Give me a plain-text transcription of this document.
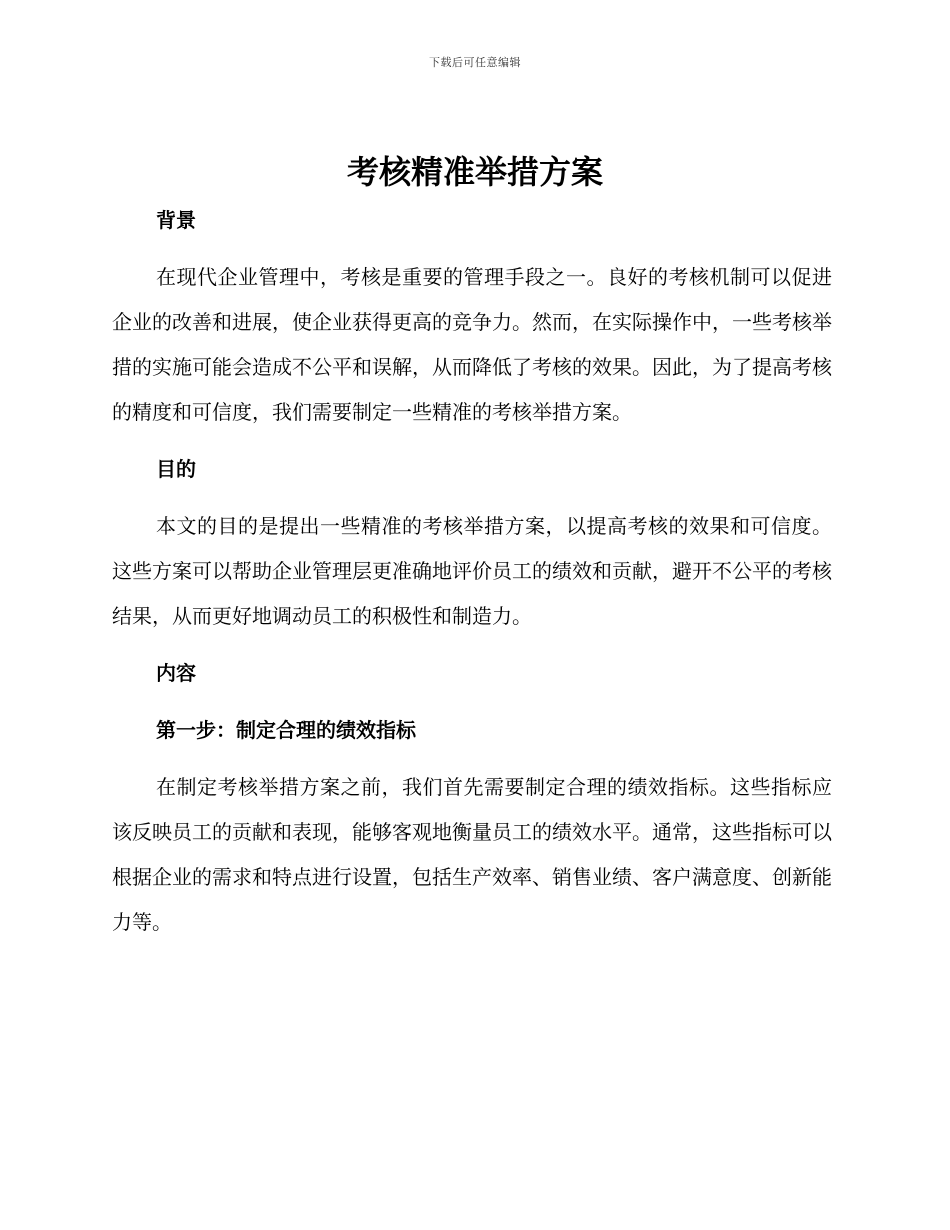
下载后可任意编辑
考核精准举措方案
背景
在现代企业管理中，考核是重要的管理手段之一。良好的考核机制可以促进企业的改善和进展，使企业获得更高的竞争力。然而，在实际操作中，一些考核举措的实施可能会造成不公平和误解，从而降低了考核的效果。因此，为了提高考核的精度和可信度，我们需要制定一些精准的考核举措方案。
目的
本文的目的是提出一些精准的考核举措方案，以提高考核的效果和可信度。这些方案可以帮助企业管理层更准确地评价员工的绩效和贡献，避开不公平的考核结果，从而更好地调动员工的积极性和制造力。
内容
第一步：制定合理的绩效指标
在制定考核举措方案之前，我们首先需要制定合理的绩效指标。这些指标应该反映员工的贡献和表现，能够客观地衡量员工的绩效水平。通常，这些指标可以根据企业的需求和特点进行设置，包括生产效率、销售业绩、客户满意度、创新能力等。
